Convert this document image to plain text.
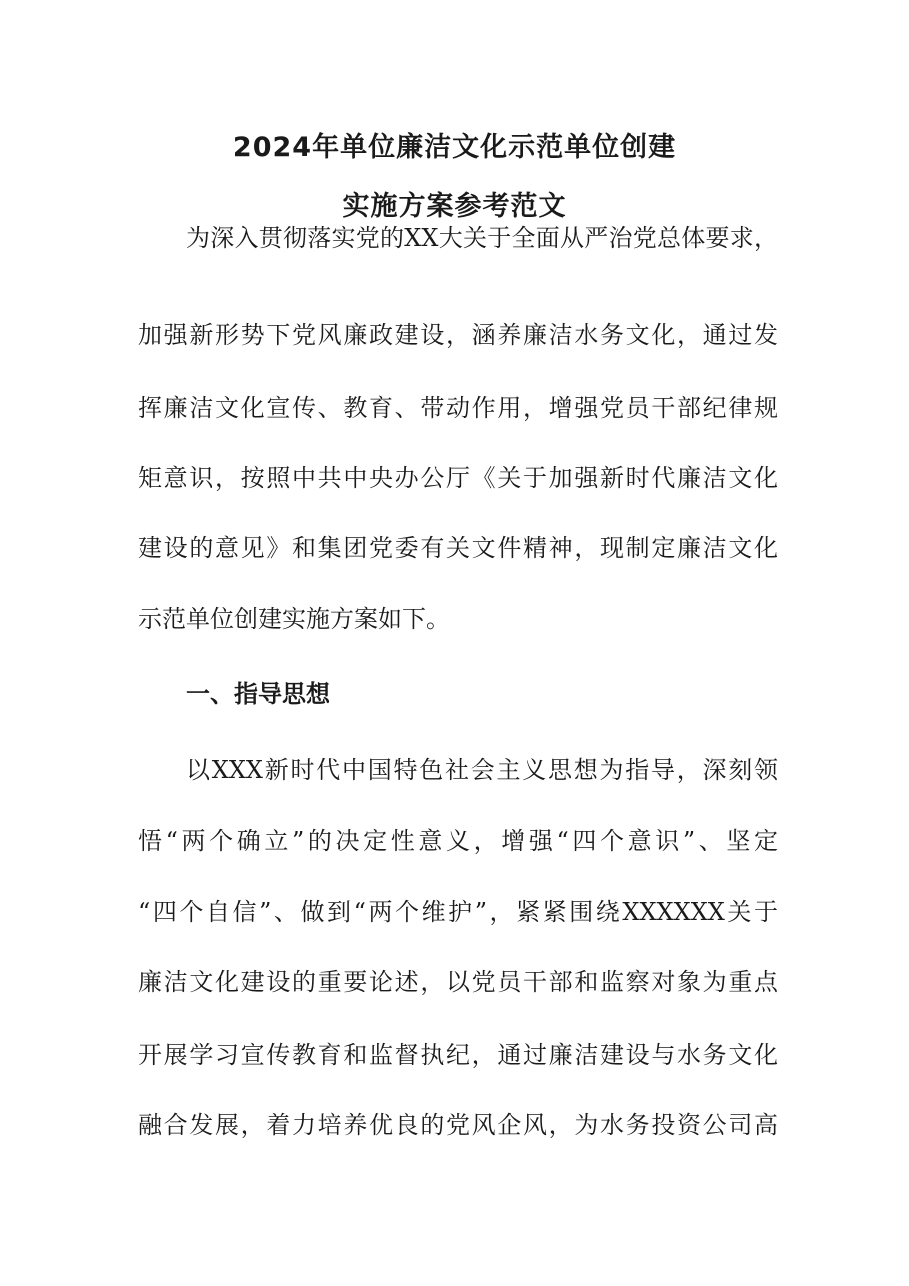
2024年单位廉洁文化示范单位创建
实施方案参考范文
为深入贯彻落实党的XX大关于全面从严治党总体要求，
加强新形势下党风廉政建设，涵养廉洁水务文化，通过发
挥廉洁文化宣传、教育、带动作用，增强党员干部纪律规
矩意识，按照中共中央办公厅《关于加强新时代廉洁文化
建设的意见》和集团党委有关文件精神，现制定廉洁文化
示范单位创建实施方案如下。
一、指导思想
以XXX新时代中国特色社会主义思想为指导，深刻领
悟“两个确立”的决定性意义，增强“四个意识”、坚定
“四个自信”、做到“两个维护”，紧紧围绕XXXXXX关于
廉洁文化建设的重要论述，以党员干部和监察对象为重点
开展学习宣传教育和监督执纪，通过廉洁建设与水务文化
融合发展，着力培养优良的党风企风，为水务投资公司高
